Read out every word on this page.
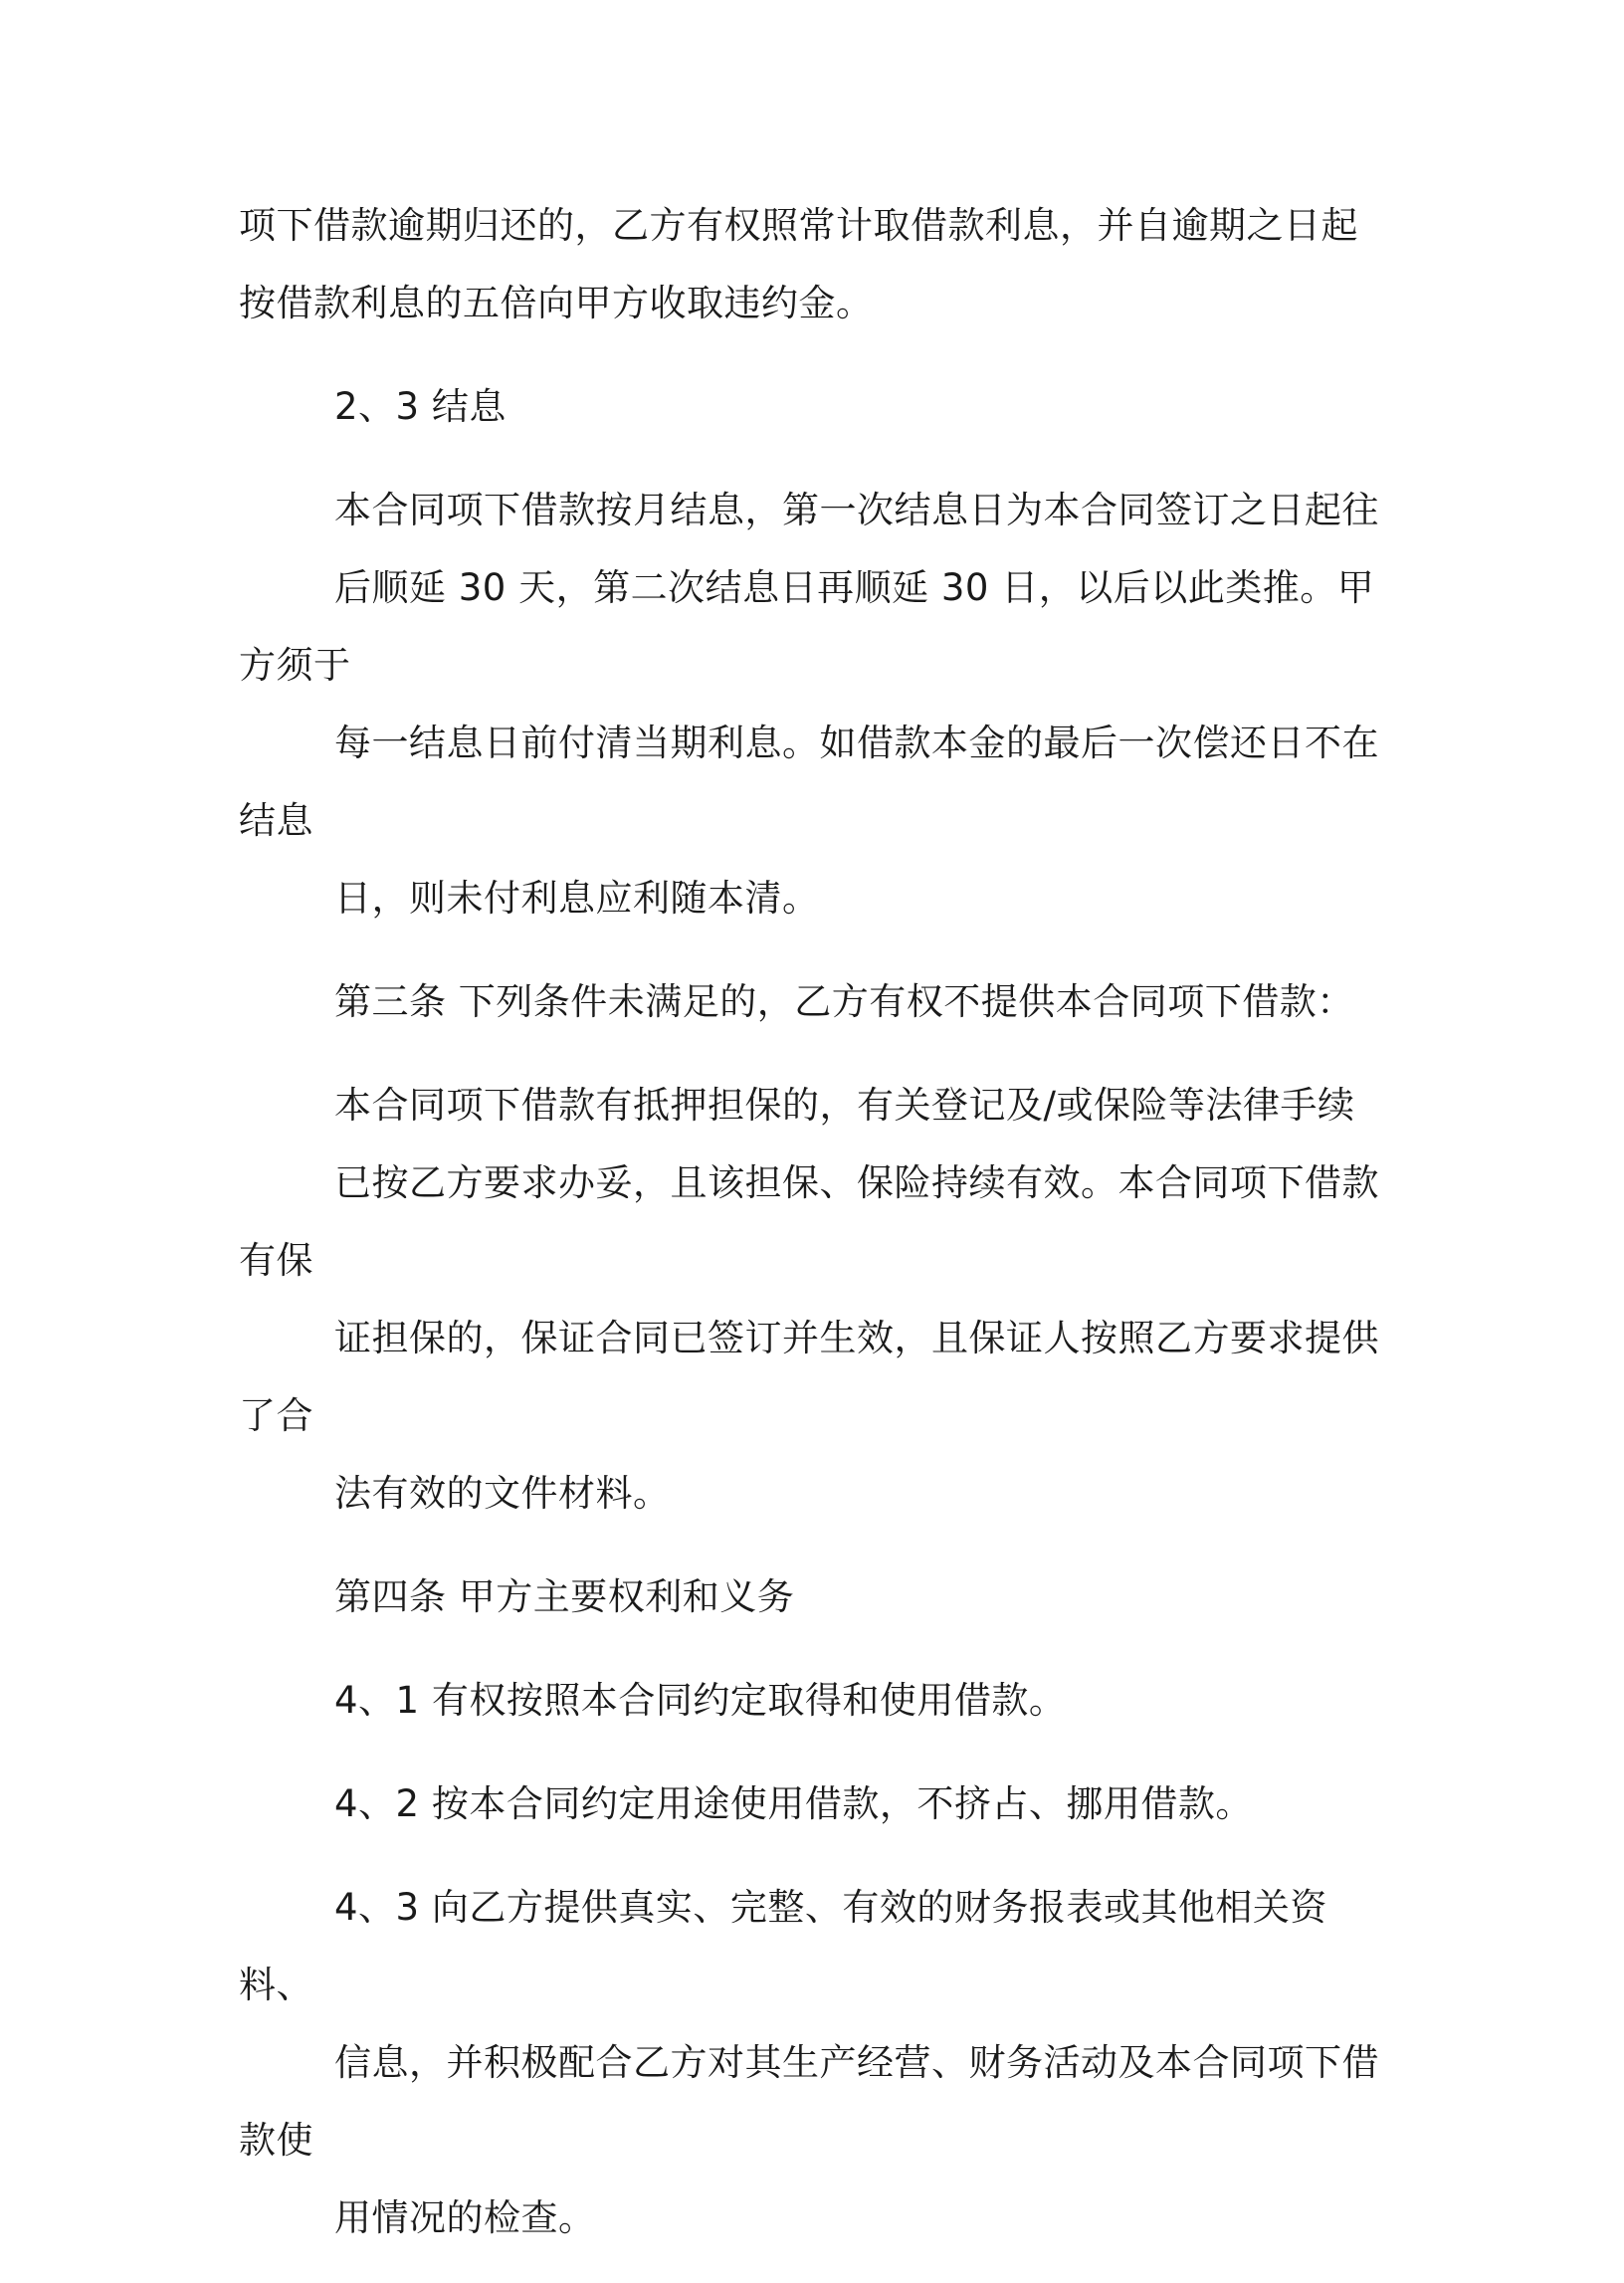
项下借款逾期归还的，乙方有权照常计取借款利息，并自逾期之日起
按借款利息的五倍向甲方收取违约金。

2、3 结息

本合同项下借款按月结息，第一次结息日为本合同签订之日起往
后顺延 30 天，第二次结息日再顺延 30 日，以后以此类推。甲方须于
每一结息日前付清当期利息。如借款本金的最后一次偿还日不在结息
日，则未付利息应利随本清。

第三条 下列条件未满足的，乙方有权不提供本合同项下借款：

本合同项下借款有抵押担保的，有关登记及/或保险等法律手续
已按乙方要求办妥，且该担保、保险持续有效。本合同项下借款有保
证担保的，保证合同已签订并生效，且保证人按照乙方要求提供了合
法有效的文件材料。

第四条 甲方主要权利和义务

4、1 有权按照本合同约定取得和使用借款。

4、2 按本合同约定用途使用借款，不挤占、挪用借款。

4、3 向乙方提供真实、完整、有效的财务报表或其他相关资料、
信息，并积极配合乙方对其生产经营、财务活动及本合同项下借款使
用情况的检查。
